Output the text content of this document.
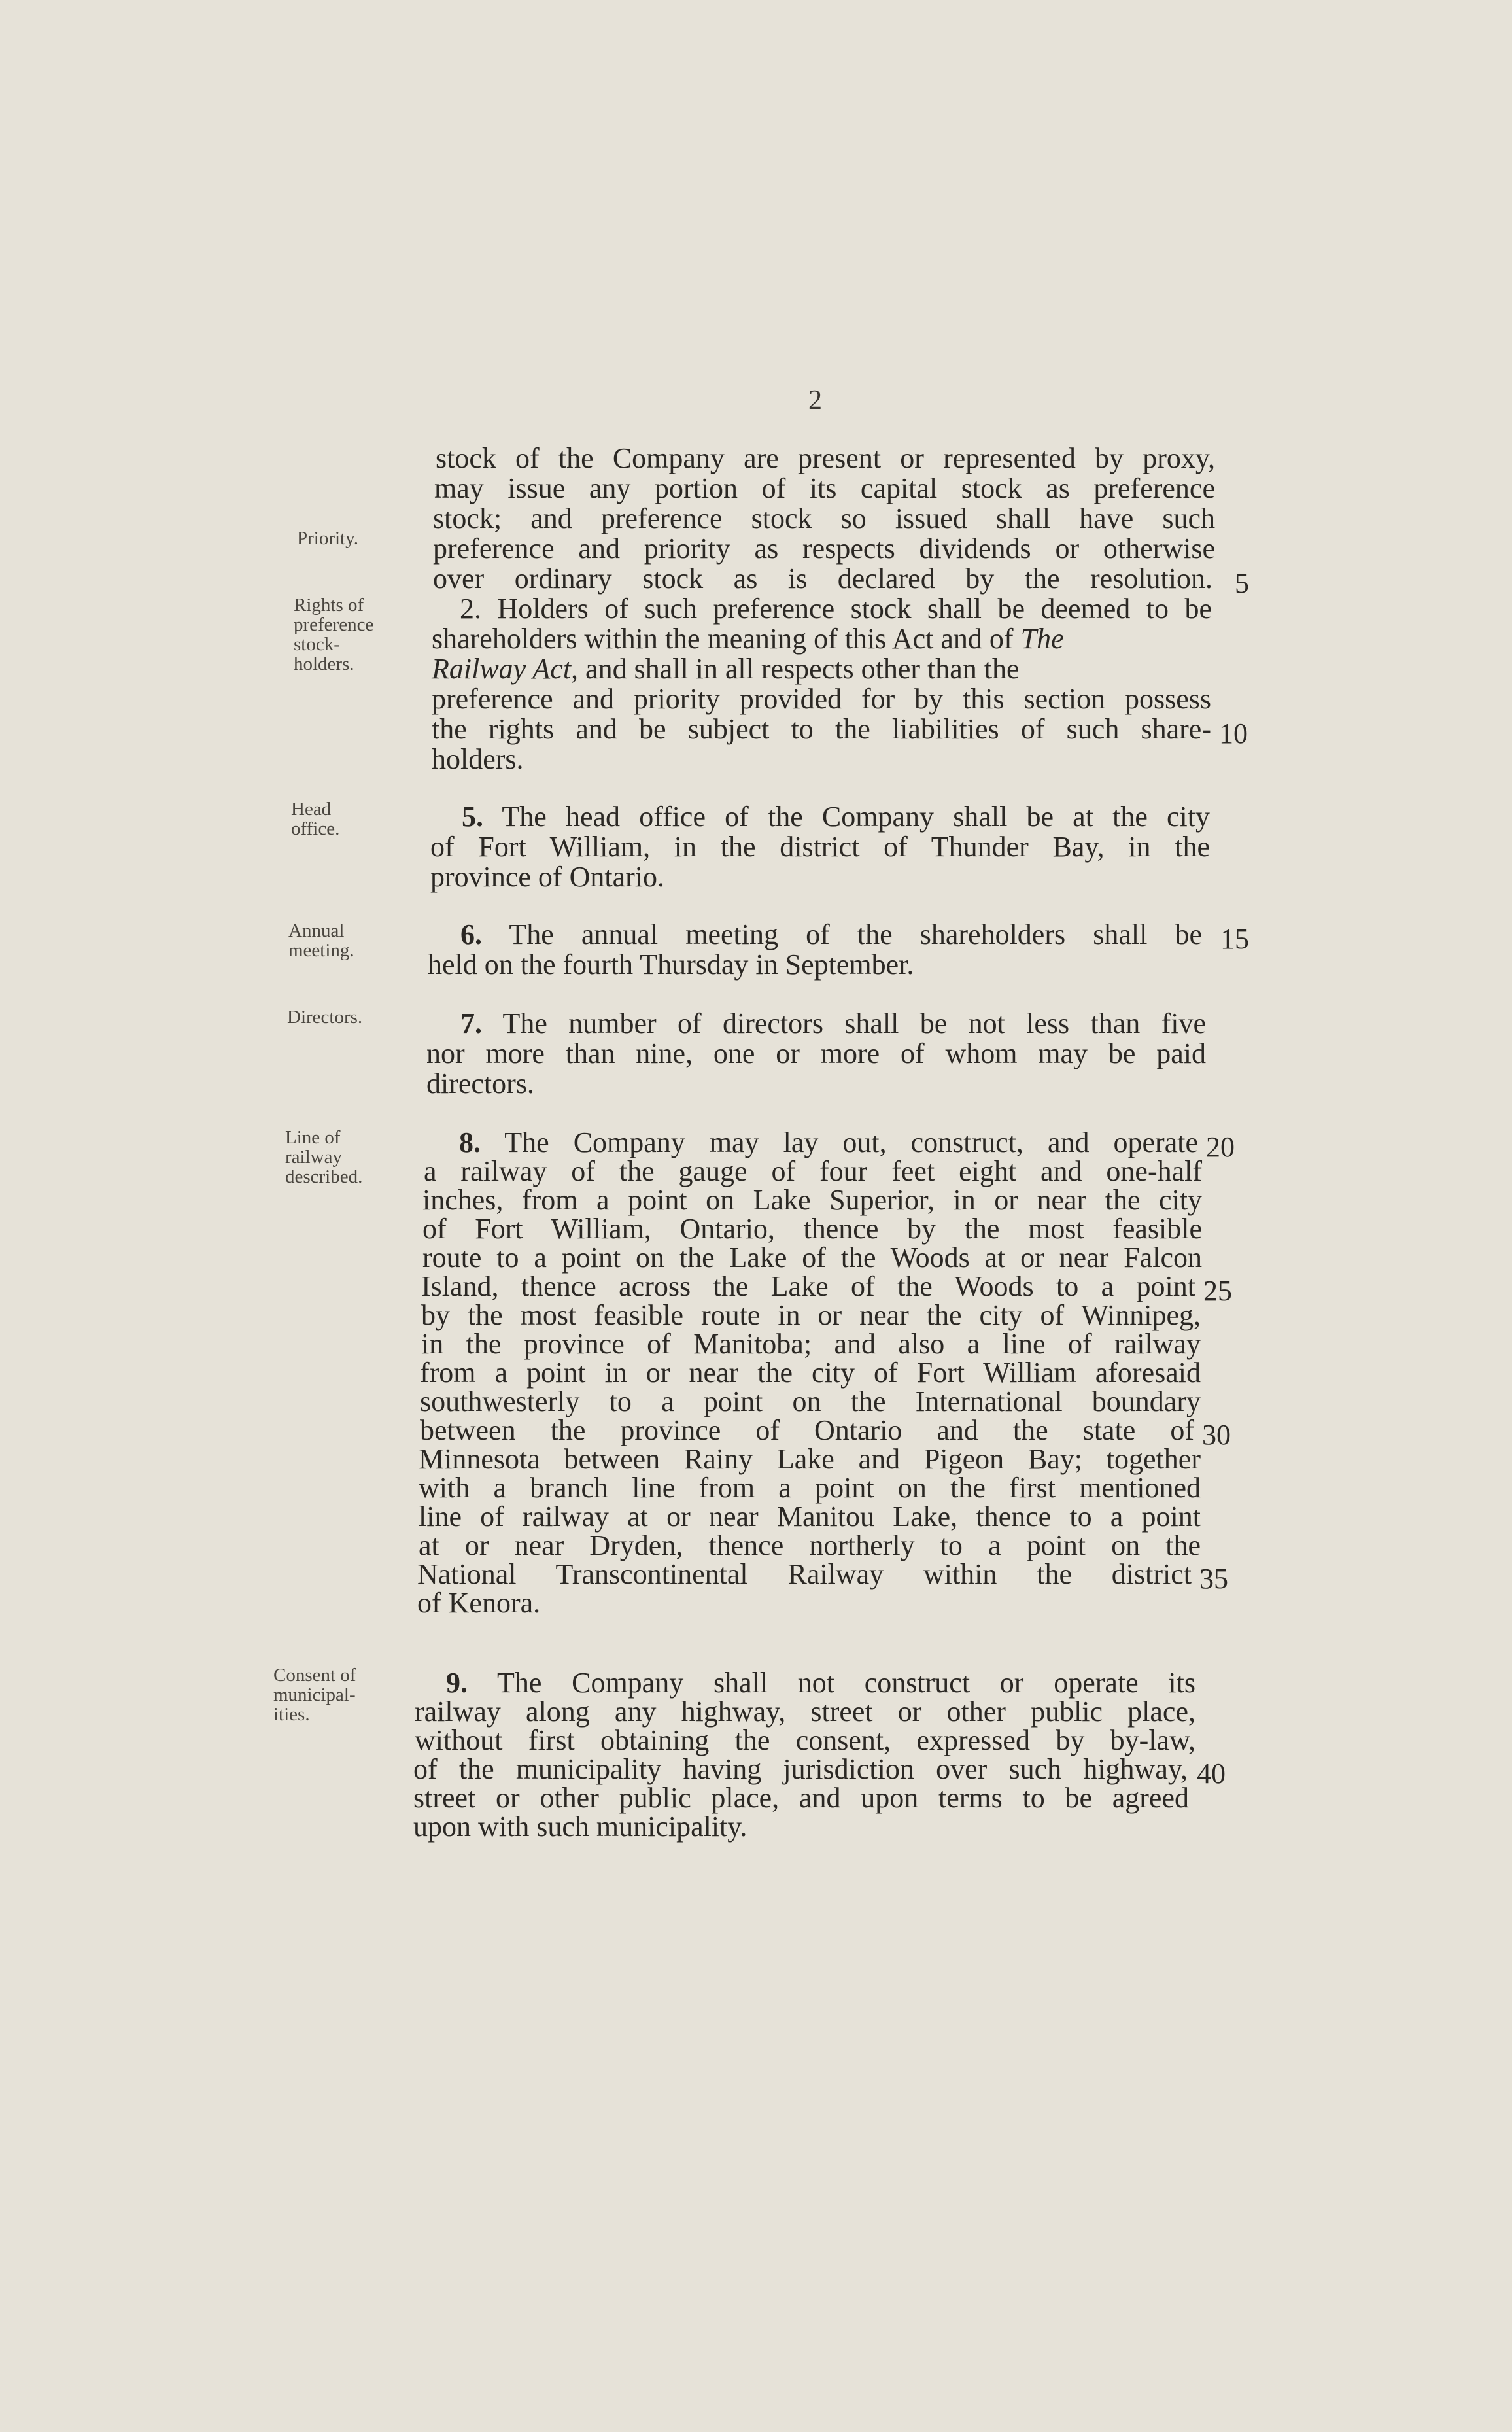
2
Priority.
Rights of
preference
stock-
holders.
Head
office.
Annual
meeting.
Directors.
Line of
railway
described.
Consent of
municipal-
ities.
stock of the Company are present or represented by proxy,
may issue any portion of its capital stock as preference
stock; and preference stock so issued shall have such
preference and priority as respects dividends or otherwise
over ordinary stock as is declared by the resolution.
2. Holders of such preference stock shall be deemed to be
shareholders within the meaning of this Act and of The
Railway Act, and shall in all respects other than the
preference and priority provided for by this section possess
the rights and be subject to the liabilities of such share-
holders.
5. The head office of the Company shall be at the city
of Fort William, in the district of Thunder Bay, in the
province of Ontario.
6. The annual meeting of the shareholders shall be
held on the fourth Thursday in September.
7. The number of directors shall be not less than five
nor more than nine, one or more of whom may be paid
directors.
8. The Company may lay out, construct, and operate
a railway of the gauge of four feet eight and one-half
inches, from a point on Lake Superior, in or near the city
of Fort William, Ontario, thence by the most feasible
route to a point on the Lake of the Woods at or near Falcon
Island, thence across the Lake of the Woods to a point
by the most feasible route in or near the city of Winnipeg,
in the province of Manitoba; and also a line of railway
from a point in or near the city of Fort William aforesaid
southwesterly to a point on the International boundary
between the province of Ontario and the state of
Minnesota between Rainy Lake and Pigeon Bay; together
with a branch line from a point on the first mentioned
line of railway at or near Manitou Lake, thence to a point
at or near Dryden, thence northerly to a point on the
National Transcontinental Railway within the district
of Kenora.
9. The Company shall not construct or operate its
railway along any highway, street or other public place,
without first obtaining the consent, expressed by by-law,
of the municipality having jurisdiction over such highway,
street or other public place, and upon terms to be agreed
upon with such municipality.
5
10
15
20
25
30
35
40
